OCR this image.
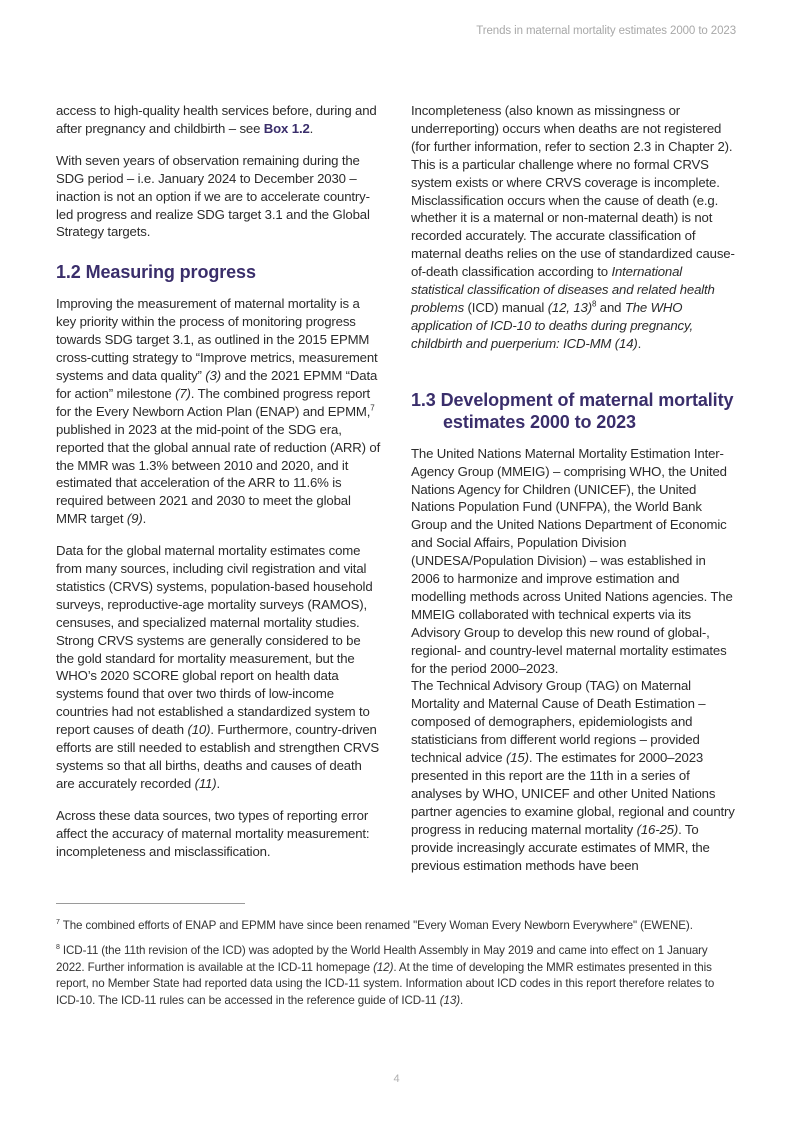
Trends in maternal mortality estimates 2000 to 2023

access to high-quality health services before, during and after pregnancy and childbirth – see Box 1.2.

With seven years of observation remaining during the SDG period – i.e. January 2024 to December 2030 – inaction is not an option if we are to accelerate country-led progress and realize SDG target 3.1 and the Global Strategy targets.

1.2 Measuring progress

Improving the measurement of maternal mortality is a key priority within the process of monitoring progress towards SDG target 3.1, as outlined in the 2015 EPMM cross-cutting strategy to “Improve metrics, measurement systems and data quality” (3) and the 2021 EPMM “Data for action” milestone (7). The combined progress report for the Every Newborn Action Plan (ENAP) and EPMM,$^7$ published in 2023 at the mid-point of the SDG era, reported that the global annual rate of reduction (ARR) of the MMR was 1.3% between 2010 and 2020, and it estimated that acceleration of the ARR to 11.6% is required between 2021 and 2030 to meet the global MMR target (9).

Data for the global maternal mortality estimates come from many sources, including civil registration and vital statistics (CRVS) systems, population-based household surveys, reproductive-age mortality surveys (RAMOS), censuses, and specialized maternal mortality studies. Strong CRVS systems are generally considered to be the gold standard for mortality measurement, but the WHO’s 2020 SCORE global report on health data systems found that over two thirds of low-income countries had not established a standardized system to report causes of death (10). Furthermore, country-driven efforts are still needed to establish and strengthen CRVS systems so that all births, deaths and causes of death are accurately recorded (11).

Across these data sources, two types of reporting error affect the accuracy of maternal mortality measurement: incompleteness and misclassification.

Incompleteness (also known as missingness or underreporting) occurs when deaths are not registered (for further information, refer to section 2.3 in Chapter 2). This is a particular challenge where no formal CRVS system exists or where CRVS coverage is incomplete. Misclassification occurs when the cause of death (e.g. whether it is a maternal or non-maternal death) is not recorded accurately. The accurate classification of maternal deaths relies on the use of standardized cause-of-death classification according to International statistical classification of diseases and related health problems (ICD) manual (12, 13)$^8$ and The WHO application of ICD-10 to deaths during pregnancy, childbirth and puerperium: ICD-MM (14).

1.3 Development of maternal mortality estimates 2000 to 2023

The United Nations Maternal Mortality Estimation Inter-Agency Group (MMEIG) – comprising WHO, the United Nations Agency for Children (UNICEF), the United Nations Population Fund (UNFPA), the World Bank Group and the United Nations Department of Economic and Social Affairs, Population Division (UNDESA/Population Division) – was established in 2006 to harmonize and improve estimation and modelling methods across United Nations agencies. The MMEIG collaborated with technical experts via its Advisory Group to develop this new round of global-, regional- and country-level maternal mortality estimates for the period 2000–2023.

The Technical Advisory Group (TAG) on Maternal Mortality and Maternal Cause of Death Estimation – composed of demographers, epidemiologists and statisticians from different world regions – provided technical advice (15). The estimates for 2000–2023 presented in this report are the 11th in a series of analyses by WHO, UNICEF and other United Nations partner agencies to examine global, regional and country progress in reducing maternal mortality (16-25). To provide increasingly accurate estimates of MMR, the previous estimation methods have been

$^7$ The combined efforts of ENAP and EPMM have since been renamed "Every Woman Every Newborn Everywhere" (EWENE).

$^8$ ICD-11 (the 11th revision of the ICD) was adopted by the World Health Assembly in May 2019 and came into effect on 1 January 2022. Further information is available at the ICD-11 homepage (12). At the time of developing the MMR estimates presented in this report, no Member State had reported data using the ICD-11 system. Information about ICD codes in this report therefore relates to ICD-10. The ICD-11 rules can be accessed in the reference guide of ICD-11 (13).

4
